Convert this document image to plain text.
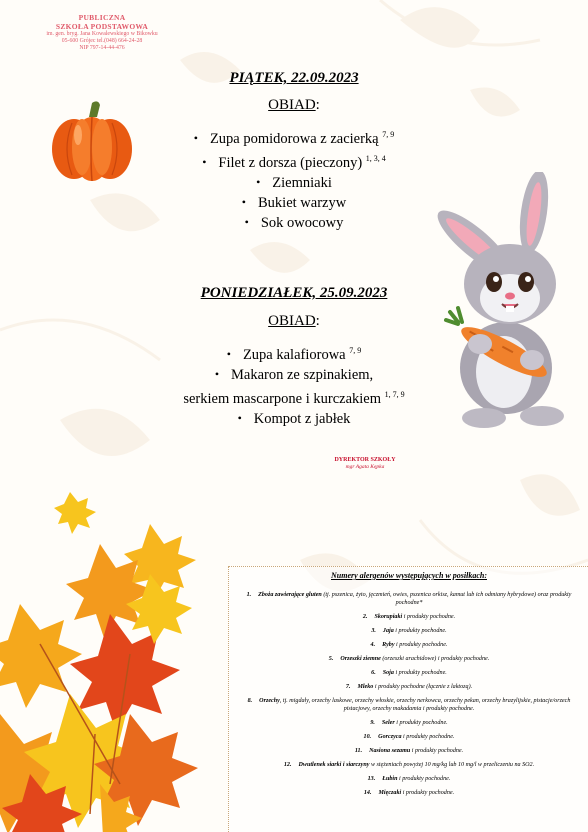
PUBLICZNA
SZKOŁA PODSTAWOWA
im. gen. bryg. Jana Kowalewskiego w Bikowku
05-600 Grójec tel.(048) 664-24-28
NIP 797-14-44-476
PIĄTEK, 22.09.2023
OBIAD:
• Zupa pomidorowa z zacierką $^{7, 9}$
• Filet z dorsza (pieczony) $^{1, 3, 4}$
• Ziemniaki
• Bukiet warzyw
• Sok owocowy
PONIEDZIAŁEK, 25.09.2023
OBIAD:
• Zupa kalafiorowa $^{7, 9}$
• Makaron ze szpinakiem,
serkiem mascarpone i kurczakiem $^{1, 7, 9}$
• Kompot z jabłek
DYREKTOR SZKOŁY
mgr Agata Kępka
Numery alergenów występujących w posiłkach:
1. Zboża zawierające gluten (tj. pszenica, żyto, jęczmień, owies, pszenica orkisz, kamut lub ich odmiany hybrydowe) oraz produkty pochodne*
2. Skorupiaki i produkty pochodne.
3. Jaja i produkty pochodne.
4. Ryby i produkty pochodne.
5. Orzeszki ziemne (orzeszki arachidowe) i produkty pochodne.
6. Soja i produkty pochodne.
7. Mleko i produkty pochodne (łącznie z laktozą).
8. Orzechy, tj. migdały, orzechy laskowe, orzechy włoskie, orzechy nerkowca, orzechy pekan, orzechy brazylijskie, pistacje/orzech pistacjowy, orzechy makadamia i produkty pochodne.
9. Seler i produkty pochodne.
10. Gorczyca i produkty pochodne.
11. Nasiona sezamu i produkty pochodne.
12. Dwutlenek siarki i siarczyny w stężeniach powyżej 10 mg/kg lub 10 mg/l w przeliczeniu na SO2.
13. Łubin i produkty pochodne.
14. Mięczaki i produkty pochodne.
